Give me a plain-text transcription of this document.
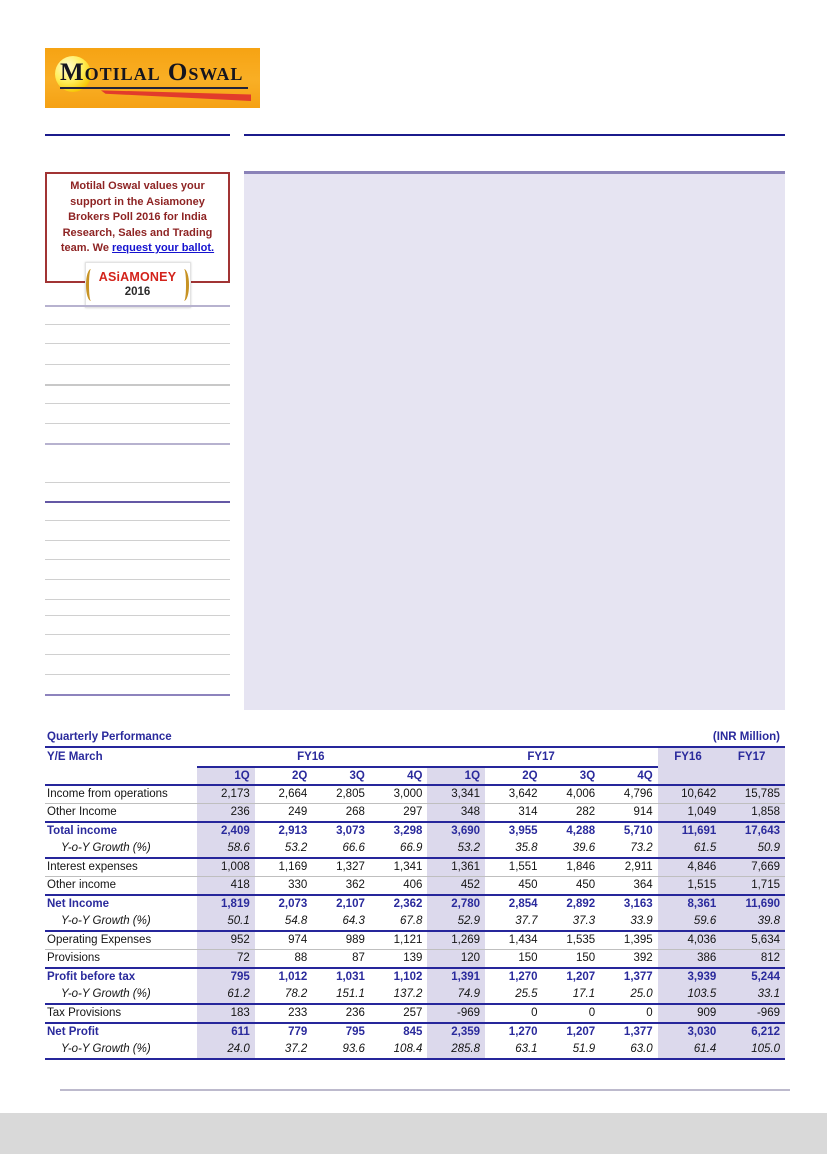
Motilal Oswal
Motilal Oswal values your support in the Asiamoney Brokers Poll 2016 for India Research, Sales and Trading team. We request your ballot.
ASiAMONEY
2016
Quarterly Performance						(INR Million)				
Y/E March	FY16				FY17				FY16	FY17
	1Q	2Q	3Q	4Q	1Q	2Q	3Q	4Q		
Income from operations	2,173	2,664	2,805	3,000	3,341	3,642	4,006	4,796	10,642	15,785
Other Income	236	249	268	297	348	314	282	914	1,049	1,858
Total income	2,409	2,913	3,073	3,298	3,690	3,955	4,288	5,710	11,691	17,643
Y-o-Y Growth (%)	58.6	53.2	66.6	66.9	53.2	35.8	39.6	73.2	61.5	50.9
Interest expenses	1,008	1,169	1,327	1,341	1,361	1,551	1,846	2,911	4,846	7,669
Other income	418	330	362	406	452	450	450	364	1,515	1,715
Net Income	1,819	2,073	2,107	2,362	2,780	2,854	2,892	3,163	8,361	11,690
Y-o-Y Growth (%)	50.1	54.8	64.3	67.8	52.9	37.7	37.3	33.9	59.6	39.8
Operating Expenses	952	974	989	1,121	1,269	1,434	1,535	1,395	4,036	5,634
Provisions	72	88	87	139	120	150	150	392	386	812
Profit before tax	795	1,012	1,031	1,102	1,391	1,270	1,207	1,377	3,939	5,244
Y-o-Y Growth (%)	61.2	78.2	151.1	137.2	74.9	25.5	17.1	25.0	103.5	33.1
Tax Provisions	183	233	236	257	-969	0	0	0	909	-969
Net Profit	611	779	795	845	2,359	1,270	1,207	1,377	3,030	6,212
Y-o-Y Growth (%)	24.0	37.2	93.6	108.4	285.8	63.1	51.9	63.0	61.4	105.0
